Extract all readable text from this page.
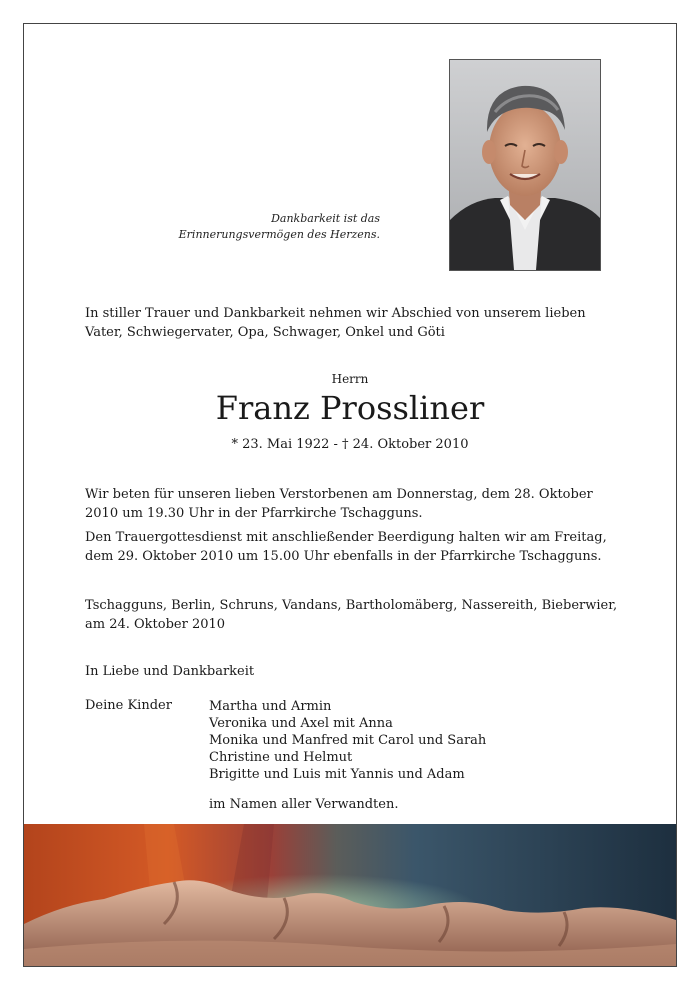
Dankbarkeit ist das
Erinnerungsvermögen des Herzens.
In stiller Trauer und Dankbarkeit nehmen wir Abschied von unserem lieben Vater, Schwiegervater, Opa, Schwager, Onkel und Göti
Herrn
Franz Prossliner
* 23. Mai 1922 - † 24. Oktober 2010
Wir beten für unseren lieben Verstorbenen am Donnerstag, dem 28. Oktober 2010 um 19.30 Uhr in der Pfarrkirche Tschagguns.
Den Trauergottesdienst mit anschließender Beerdigung halten wir am Freitag, dem 29. Oktober 2010 um 15.00 Uhr ebenfalls in der Pfarrkirche Tschagguns.
Tschagguns, Berlin, Schruns, Vandans, Bartholomäberg, Nassereith, Bieberwier, am 24. Oktober 2010
In Liebe und Dankbarkeit
Deine Kinder	Martha und Armin
Veronika und Axel mit Anna
Monika und Manfred mit Carol und Sarah
Christine und Helmut
Brigitte und Luis mit Yannis und Adam
im Namen aller Verwandten.
